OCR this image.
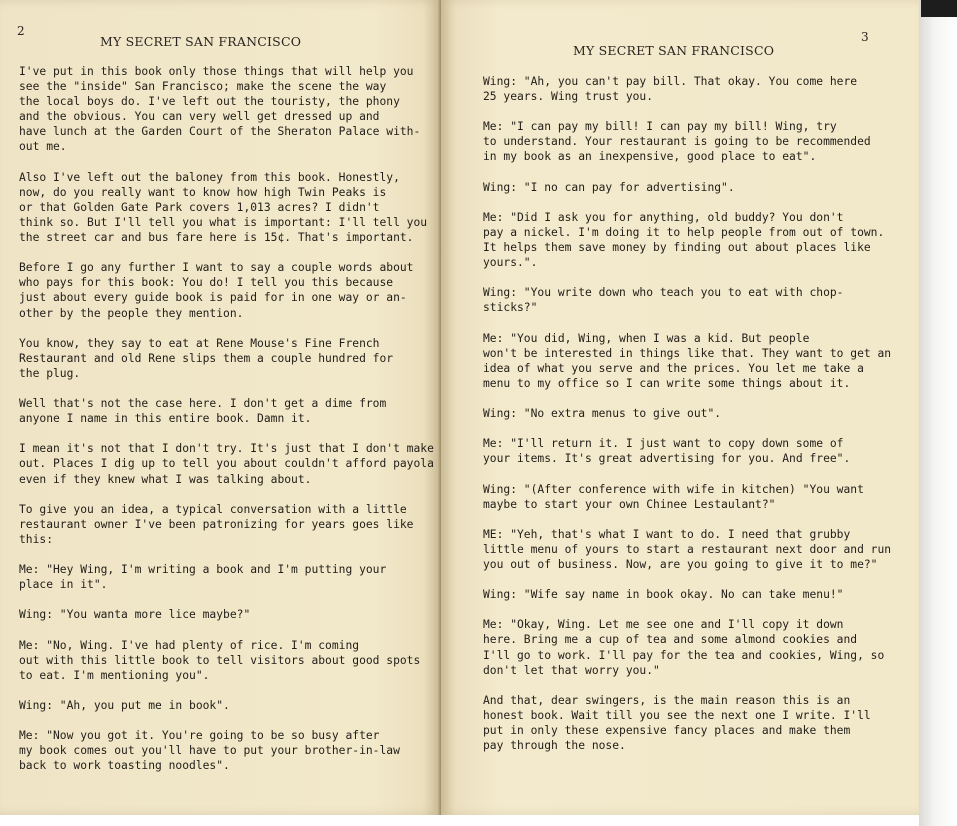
2
MY SECRET SAN FRANCISCO
I've put in this book only those things that will help you
see the "inside" San Francisco; make the scene the way
the local boys do. I've left out the touristy, the phony
and the obvious. You can very well get dressed up and
have lunch at the Garden Court of the Sheraton Palace with-
out me.
Also I've left out the baloney from this book. Honestly,
now, do you really want to know how high Twin Peaks is
or that Golden Gate Park covers 1,013 acres? I didn't
think so. But I'll tell you what is important: I'll tell you
the street car and bus fare here is 15¢. That's important.
Before I go any further I want to say a couple words about
who pays for this book: You do! I tell you this because
just about every guide book is paid for in one way or an-
other by the people they mention.
You know, they say to eat at Rene Mouse's Fine French
Restaurant and old Rene slips them a couple hundred for
the plug.
Well that's not the case here. I don't get a dime from
anyone I name in this entire book. Damn it.
I mean it's not that I don't try. It's just that I don't make
out. Places I dig up to tell you about couldn't afford payola
even if they knew what I was talking about.
To give you an idea, a typical conversation with a little
restaurant owner I've been patronizing for years goes like
this:
Me: "Hey Wing, I'm writing a book and I'm putting your
place in it".
Wing: "You wanta more lice maybe?"
Me: "No, Wing. I've had plenty of rice. I'm coming
out with this little book to tell visitors about good spots
to eat. I'm mentioning you".
Wing: "Ah, you put me in book".
Me: "Now you got it. You're going to be so busy after
my book comes out you'll have to put your brother-in-law
back to work toasting noodles".
3
MY SECRET SAN FRANCISCO
Wing: "Ah, you can't pay bill. That okay. You come here
25 years. Wing trust you.
Me: "I can pay my bill! I can pay my bill! Wing, try
to understand. Your restaurant is going to be recommended
in my book as an inexpensive, good place to eat".
Wing: "I no can pay for advertising".
Me: "Did I ask you for anything, old buddy? You don't
pay a nickel. I'm doing it to help people from out of town.
It helps them save money by finding out about places like
yours.".
Wing: "You write down who teach you to eat with chop-
sticks?"
Me: "You did, Wing, when I was a kid. But people
won't be interested in things like that. They want to get an
idea of what you serve and the prices. You let me take a
menu to my office so I can write some things about it.
Wing: "No extra menus to give out".
Me: "I'll return it. I just want to copy down some of
your items. It's great advertising for you. And free".
Wing: "(After conference with wife in kitchen) "You want
maybe to start your own Chinee Lestaulant?"
ME: "Yeh, that's what I want to do. I need that grubby
little menu of yours to start a restaurant next door and run
you out of business. Now, are you going to give it to me?"
Wing: "Wife say name in book okay. No can take menu!"
Me: "Okay, Wing. Let me see one and I'll copy it down
here. Bring me a cup of tea and some almond cookies and
I'll go to work. I'll pay for the tea and cookies, Wing, so
don't let that worry you."
And that, dear swingers, is the main reason this is an
honest book. Wait till you see the next one I write. I'll
put in only these expensive fancy places and make them
pay through the nose.
